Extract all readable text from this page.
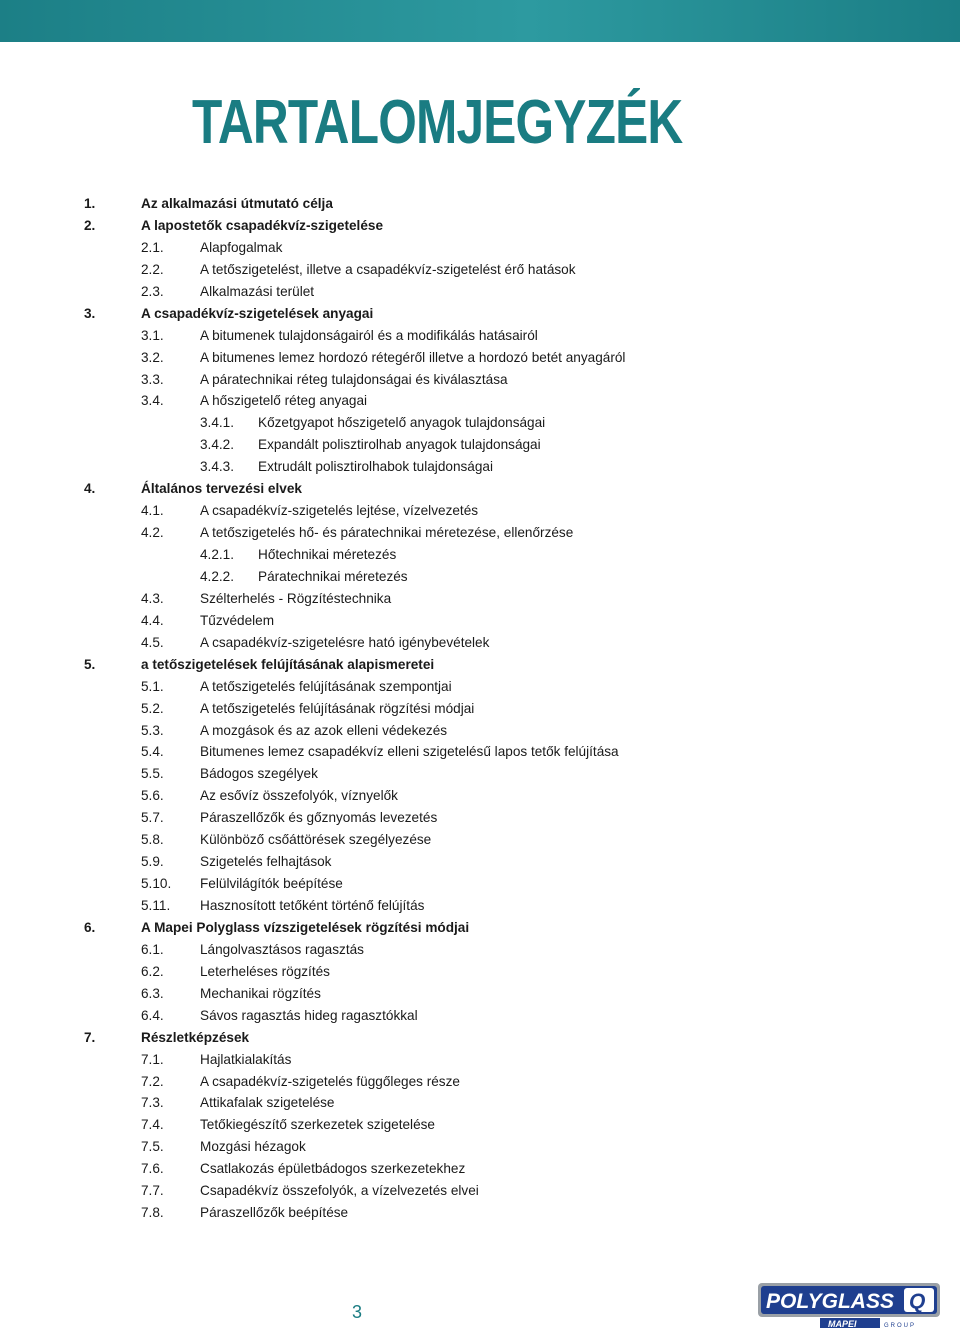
TARTALOMJEGYZÉK
1.	Az alkalmazási útmutató célja
2.	A lapostetők csapadékvíz-szigetelése
2.1.	Alapfogalmak
2.2.	A tetőszigetelést, illetve a csapadékvíz-szigetelést érő hatások
2.3.	Alkalmazási terület
3.	A csapadékvíz-szigetelések anyagai
3.1.	A bitumenek tulajdonságairól és a modifikálás hatásairól
3.2.	A bitumenes lemez hordozó rétegéről illetve a hordozó betét anyagáról
3.3.	A páratechnikai réteg tulajdonságai és kiválasztása
3.4.	A hőszigetelő réteg anyagai
3.4.1. Kőzetgyapot hőszigetelő anyagok tulajdonságai
3.4.2. Expandált polisztirolhab anyagok tulajdonságai
3.4.3. Extrudált polisztirolhabok tulajdonságai
4.	Általános tervezési elvek
4.1.	A csapadékvíz-szigetelés lejtése, vízelvezetés
4.2.	A tetőszigetelés hő- és páratechnikai méretezése, ellenőrzése
4.2.1. Hőtechnikai méretezés
4.2.2. Páratechnikai méretezés
4.3.	Szélterhelés - Rögzítéstechnika
4.4.	Tűzvédelem
4.5.	A csapadékvíz-szigetelésre ható igénybevételek
5.	a tetőszigetelések felújításának alapismeretei
5.1.	A tetőszigetelés felújításának szempontjai
5.2.	A tetőszigetelés felújításának rögzítési módjai
5.3.	A mozgások és az azok elleni védekezés
5.4.	Bitumenes lemez csapadékvíz elleni szigetelésű lapos tetők felújítása
5.5.	Bádogos szegélyek
5.6.	Az esővíz összefolyók, víznyelők
5.7.	Páraszellőzők és gőznyomás levezetés
5.8.	Különböző csőáttörések szegélyezése
5.9.	Szigetelés felhajtások
5.10. Felülvilágítók beépítése
5.11. Hasznosított tetőként történő felújítás
6.	A Mapei Polyglass vízszigetelések rögzítési módjai
6.1.	Lángolvasztásos ragasztás
6.2.	Leterheléses rögzítés
6.3.	Mechanikai rögzítés
6.4.	Sávos ragasztás hideg ragasztókkal
7.	Részletképzések
7.1.	Hajlatkialakítás
7.2.	A csapadékvíz-szigetelés függőleges része
7.3.	Attikafalak szigetelése
7.4.	Tetőkiegészítő szerkezetek szigetelése
7.5.	Mozgási hézagok
7.6.	Csatlakozás épületbádogos szerkezetekhez
7.7.	Csapadékvíz összefolyók, a vízelvezetés elvei
7.8.	Páraszellőzők beépítése
3	POLYGLASS Q
MAPEI	GROUP
